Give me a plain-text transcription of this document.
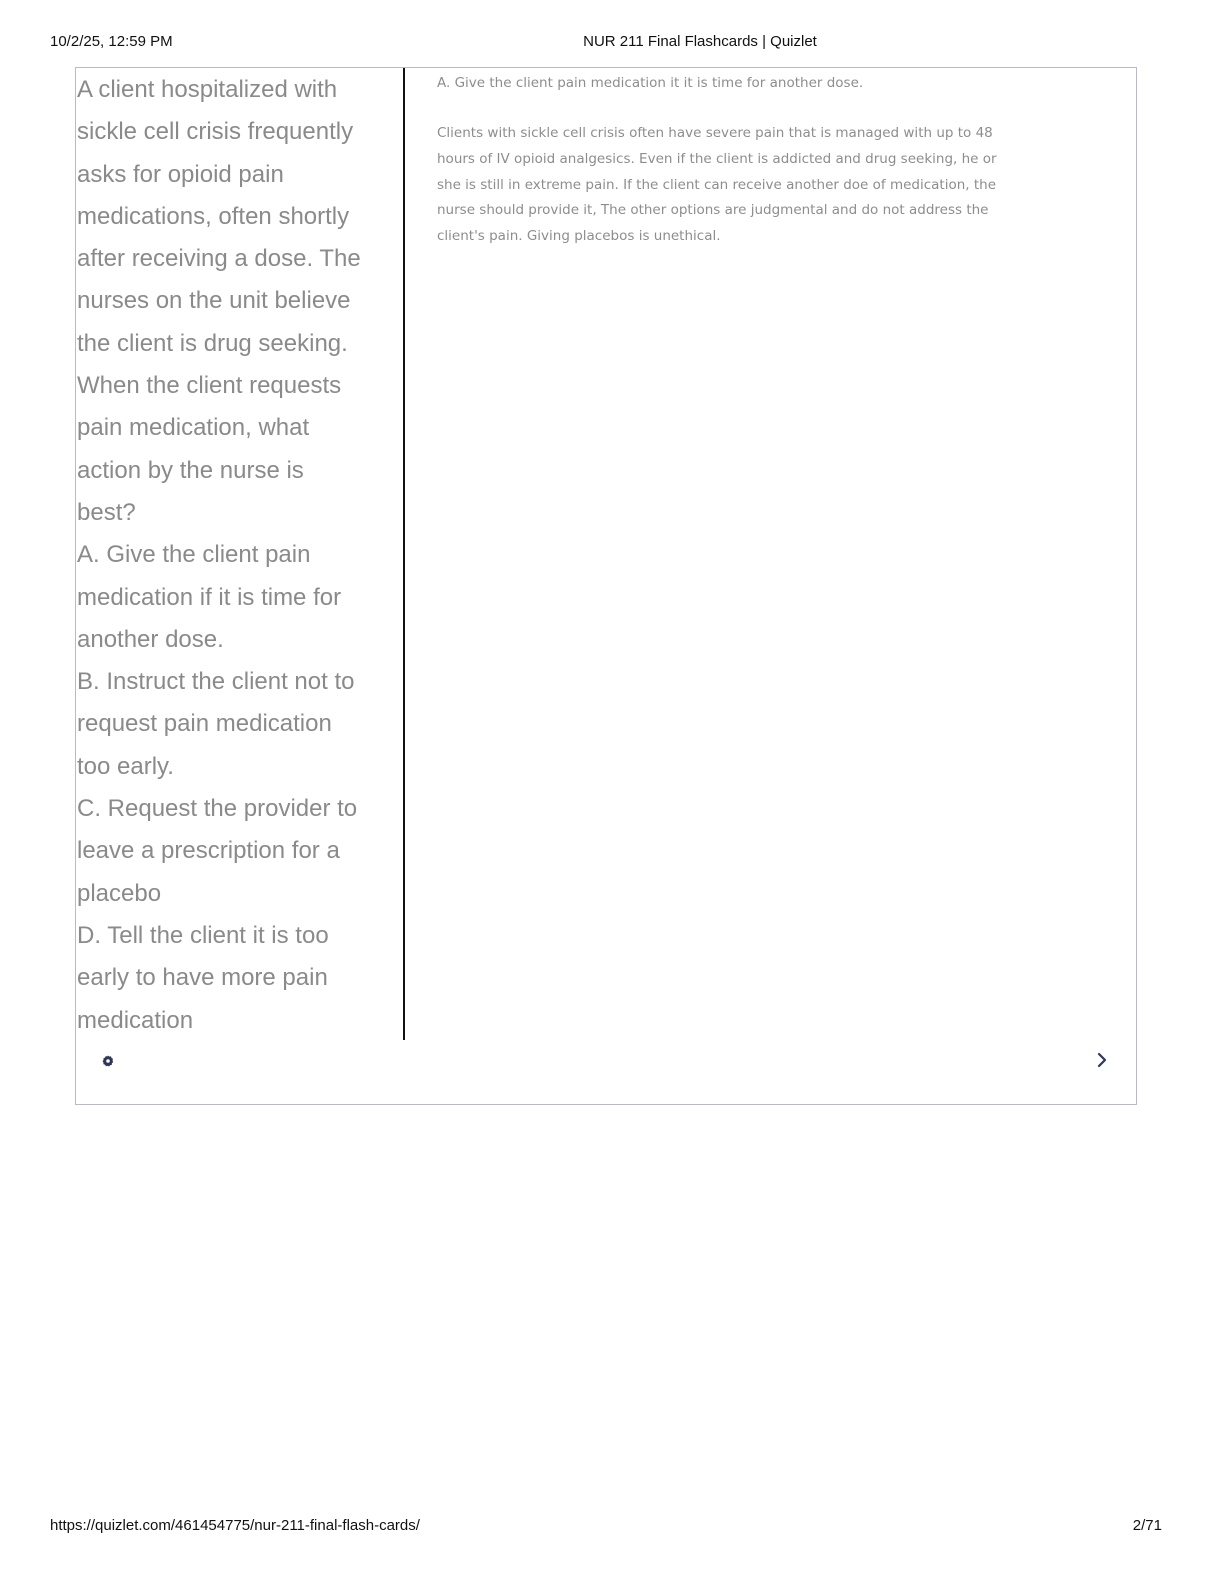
10/2/25, 12:59 PM	NUR 211 Final Flashcards | Quizlet

A client hospitalized with
sickle cell crisis frequently
asks for opioid pain
medications, often shortly
after receiving a dose. The
nurses on the unit believe
the client is drug seeking.
When the client requests
pain medication, what
action by the nurse is
best?
A. Give the client pain
medication if it is time for
another dose.
B. Instruct the client not to
request pain medication
too early.
C. Request the provider to
leave a prescription for a
placebo
D. Tell the client it is too
early to have more pain
medication

A. Give the client pain medication it it is time for another dose.

Clients with sickle cell crisis often have severe pain that is managed with up to 48
hours of IV opioid analgesics. Even if the client is addicted and drug seeking, he or
she is still in extreme pain. If the client can receive another doe of medication, the
nurse should provide it, The other options are judgmental and do not address the
client's pain. Giving placebos is unethical.

https://quizlet.com/461454775/nur-211-final-flash-cards/	2/71
